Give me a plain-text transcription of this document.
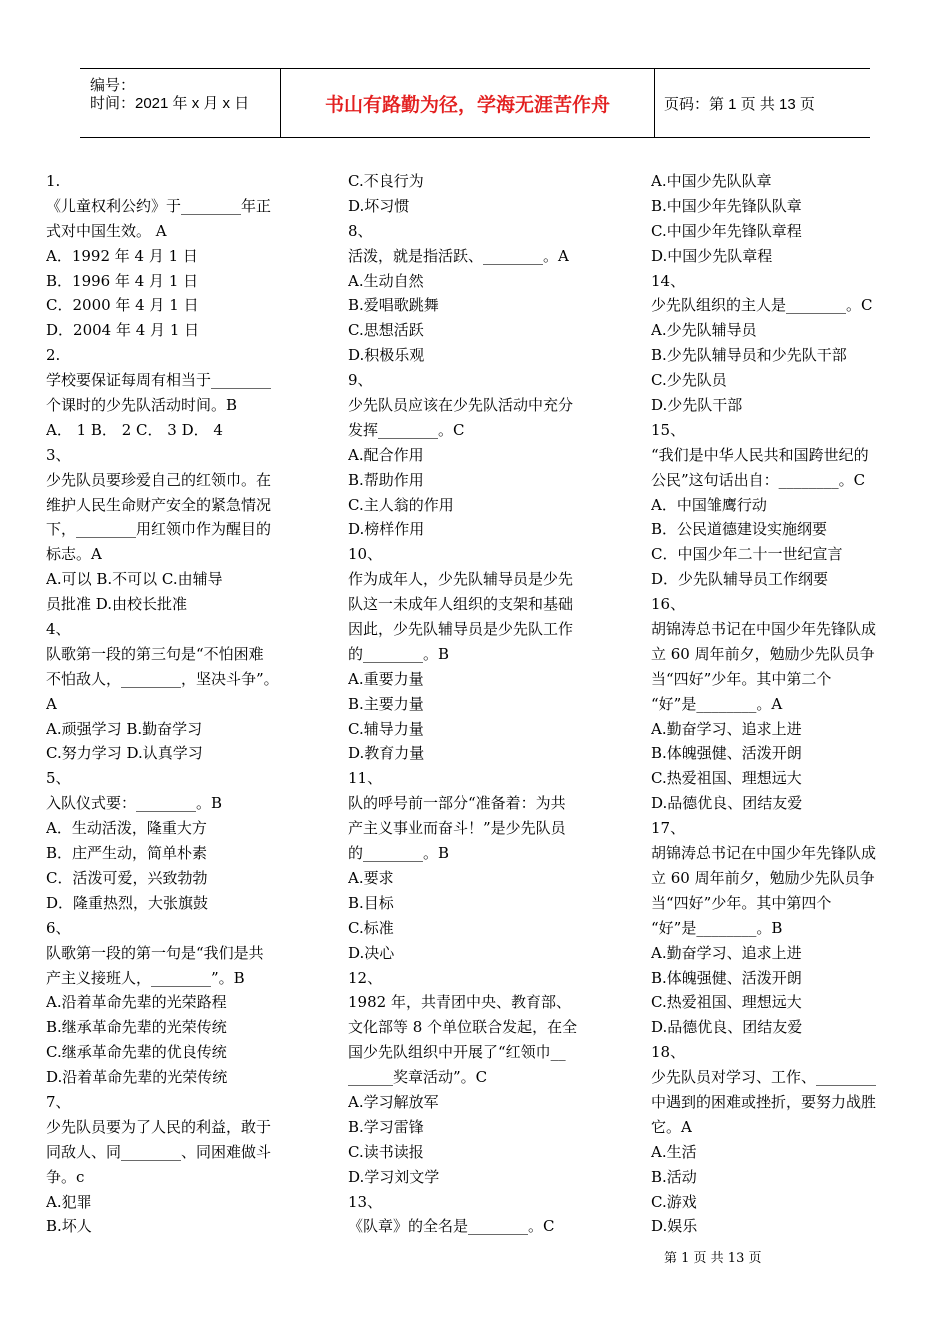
编号：
时间：2021 年 x 月 x 日	书山有路勤为径，学海无涯苦作舟	页码：第 1 页 共 13 页
1.
《儿童权利公约》于________年正
式对中国生效。 A
A．1992 年 4 月 1 日
B．1996 年 4 月 1 日
C．2000 年 4 月 1 日
D．2004 年 4 月 1 日
2.
学校要保证每周有相当于________
个课时的少先队活动时间。B
A． 1 B． 2 C． 3 D． 4
3、
少先队员要珍爱自己的红领巾。在
维护人民生命财产安全的紧急情况
下，________用红领巾作为醒目的
标志。A
A.可以 B.不可以 C.由辅导
员批准 D.由校长批准
4、
队歌第一段的第三句是“不怕困难
不怕敌人，________，坚决斗争”。
A
A.顽强学习 B.勤奋学习
C.努力学习 D.认真学习
5、
入队仪式要：________。B
A．生动活泼，隆重大方
B．庄严生动，简单朴素
C．活泼可爱，兴致勃勃
D．隆重热烈，大张旗鼓
6、
队歌第一段的第一句是“我们是共
产主义接班人，________”。B
A.沿着革命先辈的光荣路程
B.继承革命先辈的光荣传统
C.继承革命先辈的优良传统
D.沿着革命先辈的光荣传统
7、
少先队员要为了人民的利益，敢于
同敌人、同________、同困难做斗
争。c
A.犯罪
B.坏人
C.不良行为
D.坏习惯
8、
活泼，就是指活跃、________。A
A.生动自然
B.爱唱歌跳舞
C.思想活跃
D.积极乐观
9、
少先队员应该在少先队活动中充分
发挥________。C
A.配合作用
B.帮助作用
C.主人翁的作用
D.榜样作用
10、
作为成年人，少先队辅导员是少先
队这一未成年人组织的支架和基础
因此，少先队辅导员是少先队工作
的________。B
A.重要力量
B.主要力量
C.辅导力量
D.教育力量
11、
队的呼号前一部分“准备着：为共
产主义事业而奋斗！”是少先队员
的________。B
A.要求
B.目标
C.标准
D.决心
12、
1982 年，共青团中央、教育部、
文化部等 8 个单位联合发起，在全
国少先队组织中开展了“红领巾__
______奖章活动”。C
A.学习解放军
B.学习雷锋
C.读书读报
D.学习刘文学
13、
《队章》的全名是________。C
A.中国少先队队章
B.中国少年先锋队队章
C.中国少年先锋队章程
D.中国少先队章程
14、
少先队组织的主人是________。C
A.少先队辅导员
B.少先队辅导员和少先队干部
C.少先队员
D.少先队干部
15、
“我们是中华人民共和国跨世纪的
公民”这句话出自：________。C
A．中国雏鹰行动
B．公民道德建设实施纲要
C．中国少年二十一世纪宣言
D．少先队辅导员工作纲要
16、
胡锦涛总书记在中国少年先锋队成
立 60 周年前夕，勉励少先队员争
当“四好”少年。其中第二个
“好”是________。A
A.勤奋学习、追求上进
B.体魄强健、活泼开朗
C.热爱祖国、理想远大
D.品德优良、团结友爱
17、
胡锦涛总书记在中国少年先锋队成
立 60 周年前夕，勉励少先队员争
当“四好”少年。其中第四个
“好”是________。B
A.勤奋学习、追求上进
B.体魄强健、活泼开朗
C.热爱祖国、理想远大
D.品德优良、团结友爱
18、
少先队员对学习、工作、________
中遇到的困难或挫折，要努力战胜
它。A
A.生活
B.活动
C.游戏
D.娱乐
第 1 页 共 13 页
